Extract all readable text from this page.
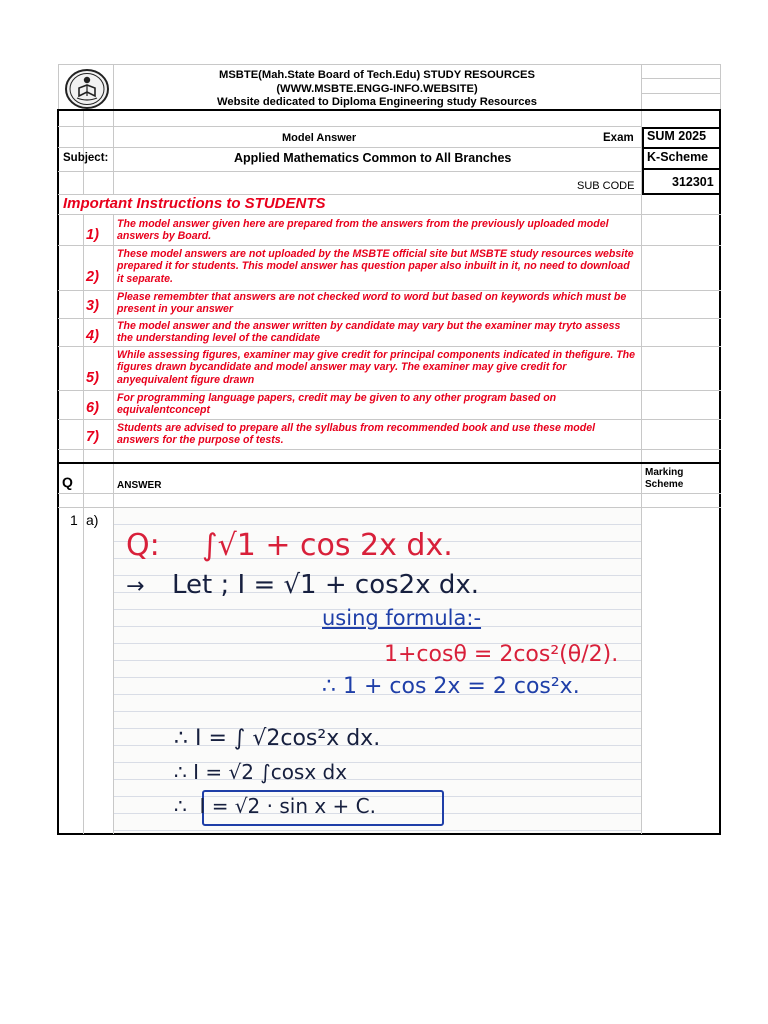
MSBTE(Mah.State Board of Tech.Edu) STUDY RESOURCES
(WWW.MSBTE.ENGG-INFO.WEBSITE)
Website dedicated to Diploma Engineering study Resources
Model Answer	Exam SUM 2025
Subject:	Applied Mathematics Common to All Branches	K-Scheme
SUB CODE	312301
Important Instructions to STUDENTS
1)
The model answer given here are prepared from the answers from the previously uploaded model answers by Board.
2)
These model answers are not uploaded by the MSBTE official site but MSBTE study resources website prepared it for students. This model answer has question paper also inbuilt in it, no need to download it separate.
3)
Please remembter that answers are not checked word to word but based on keywords which must be present in your answer
4)
The model answer and the answer written by candidate may vary but the examiner may tryto assess the understanding level of the candidate
5)
While assessing figures, examiner may give credit for principal components indicated in thefigure. The figures drawn bycandidate and model answer may vary. The examiner may give credit for anyequivalent figure drawn
6)
For programming language papers, credit may be given to any other program based on equivalentconcept
7)
Students are advised to prepare all the syllabus from recommended book and use these model answers for the purpose of tests.
Q	ANSWER
Marking
Scheme
1 a)
Q: ∫√1 + cos 2x dx.
→ Let ; I = √1 + cos2x dx.
using formula:-
1+cosθ = 2cos²(θ/2).
∴ 1 + cos 2x = 2 cos²x.
∴ I = ∫ √2cos²x dx.
∴ I = √2 ∫cosx dx
∴  I = √2 · sin x + C.
